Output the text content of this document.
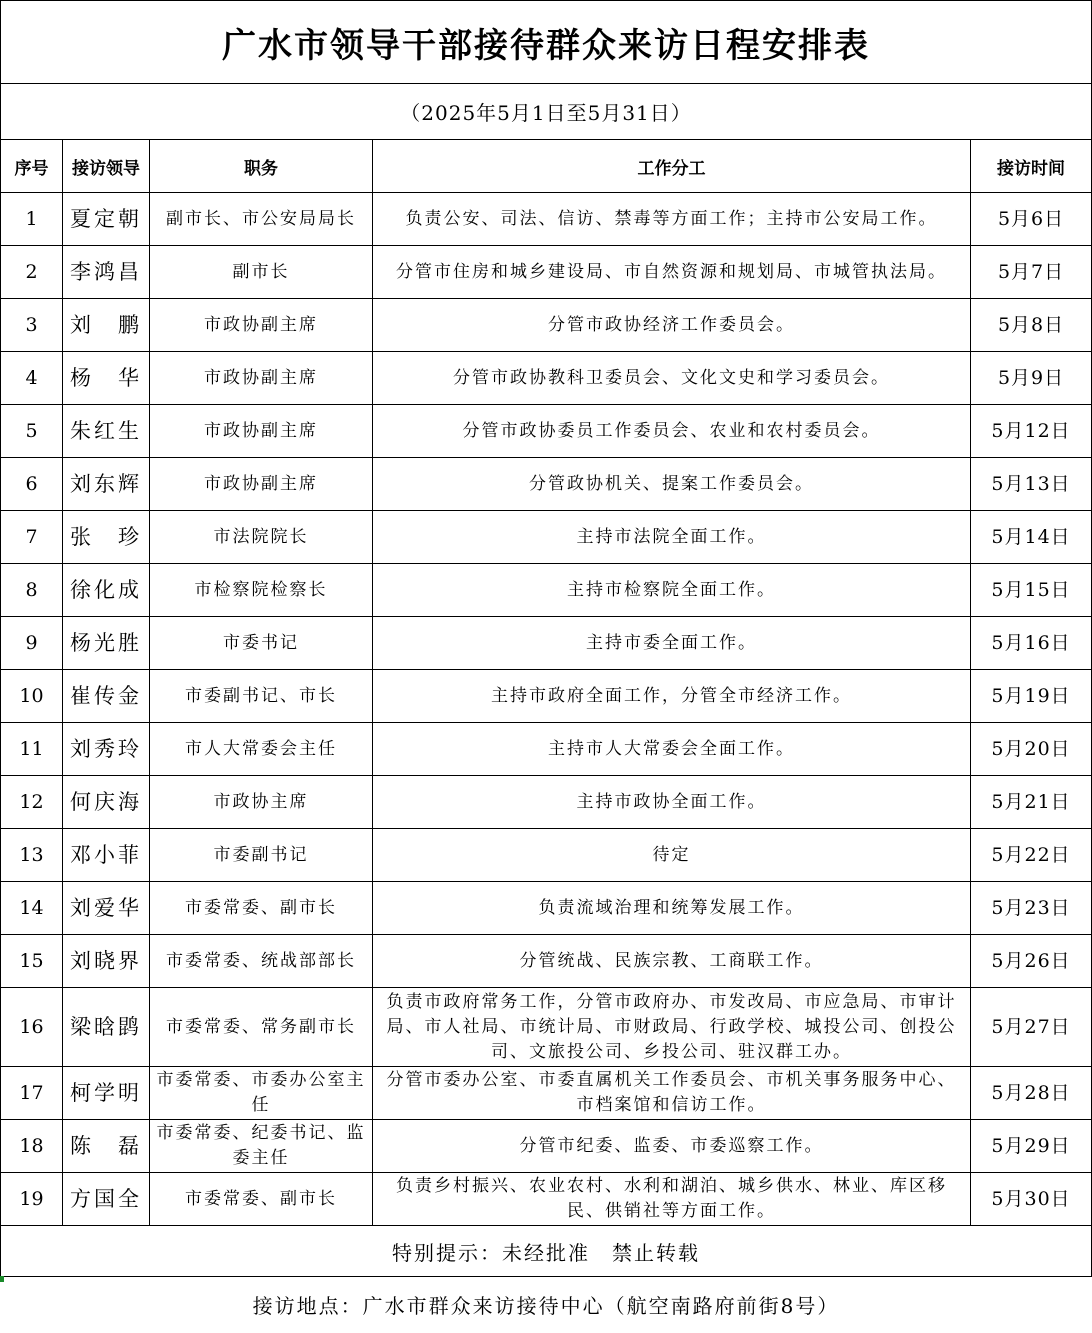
广水市领导干部接待群众来访日程安排表				
（2025年5月1日至5月31日）				
序号	接访领导	职务	工作分工	接访时间
1	夏定朝	副市长、市公安局局长	负责公安、司法、信访、禁毒等方面工作；主持市公安局工作。	5月6日
2	李鸿昌	副市长	分管市住房和城乡建设局、市自然资源和规划局、市城管执法局。	5月7日
3	刘　鹏	市政协副主席	分管市政协经济工作委员会。	5月8日
4	杨　华	市政协副主席	分管市政协教科卫委员会、文化文史和学习委员会。	5月9日
5	朱红生	市政协副主席	分管市政协委员工作委员会、农业和农村委员会。	5月12日
6	刘东辉	市政协副主席	分管政协机关、提案工作委员会。	5月13日
7	张　珍	市法院院长	主持市法院全面工作。	5月14日
8	徐化成	市检察院检察长	主持市检察院全面工作。	5月15日
9	杨光胜	市委书记	主持市委全面工作。	5月16日
10	崔传金	市委副书记、市长	主持市政府全面工作，分管全市经济工作。	5月19日
11	刘秀玲	市人大常委会主任	主持市人大常委会全面工作。	5月20日
12	何庆海	市政协主席	主持市政协全面工作。	5月21日
13	邓小菲	市委副书记	待定	5月22日
14	刘爱华	市委常委、副市长	负责流域治理和统筹发展工作。	5月23日
15	刘晓界	市委常委、统战部部长	分管统战、民族宗教、工商联工作。	5月26日
16	梁晗鹍	市委常委、常务副市长	负责市政府常务工作，分管市政府办、市发改局、市应急局、市审计局、市人社局、市统计局、市财政局、行政学校、城投公司、创投公司、文旅投公司、乡投公司、驻汉群工办。	5月27日
17	柯学明	市委常委、市委办公室主任	分管市委办公室、市委直属机关工作委员会、市机关事务服务中心、市档案馆和信访工作。	5月28日
18	陈　磊	市委常委、纪委书记、监委主任	分管市纪委、监委、市委巡察工作。	5月29日
19	方国全	市委常委、副市长	负责乡村振兴、农业农村、水利和湖泊、城乡供水、林业、库区移民、供销社等方面工作。	5月30日
特别提示：未经批准　禁止转载				
接访地点：广水市群众来访接待中心（航空南路府前街8号）
